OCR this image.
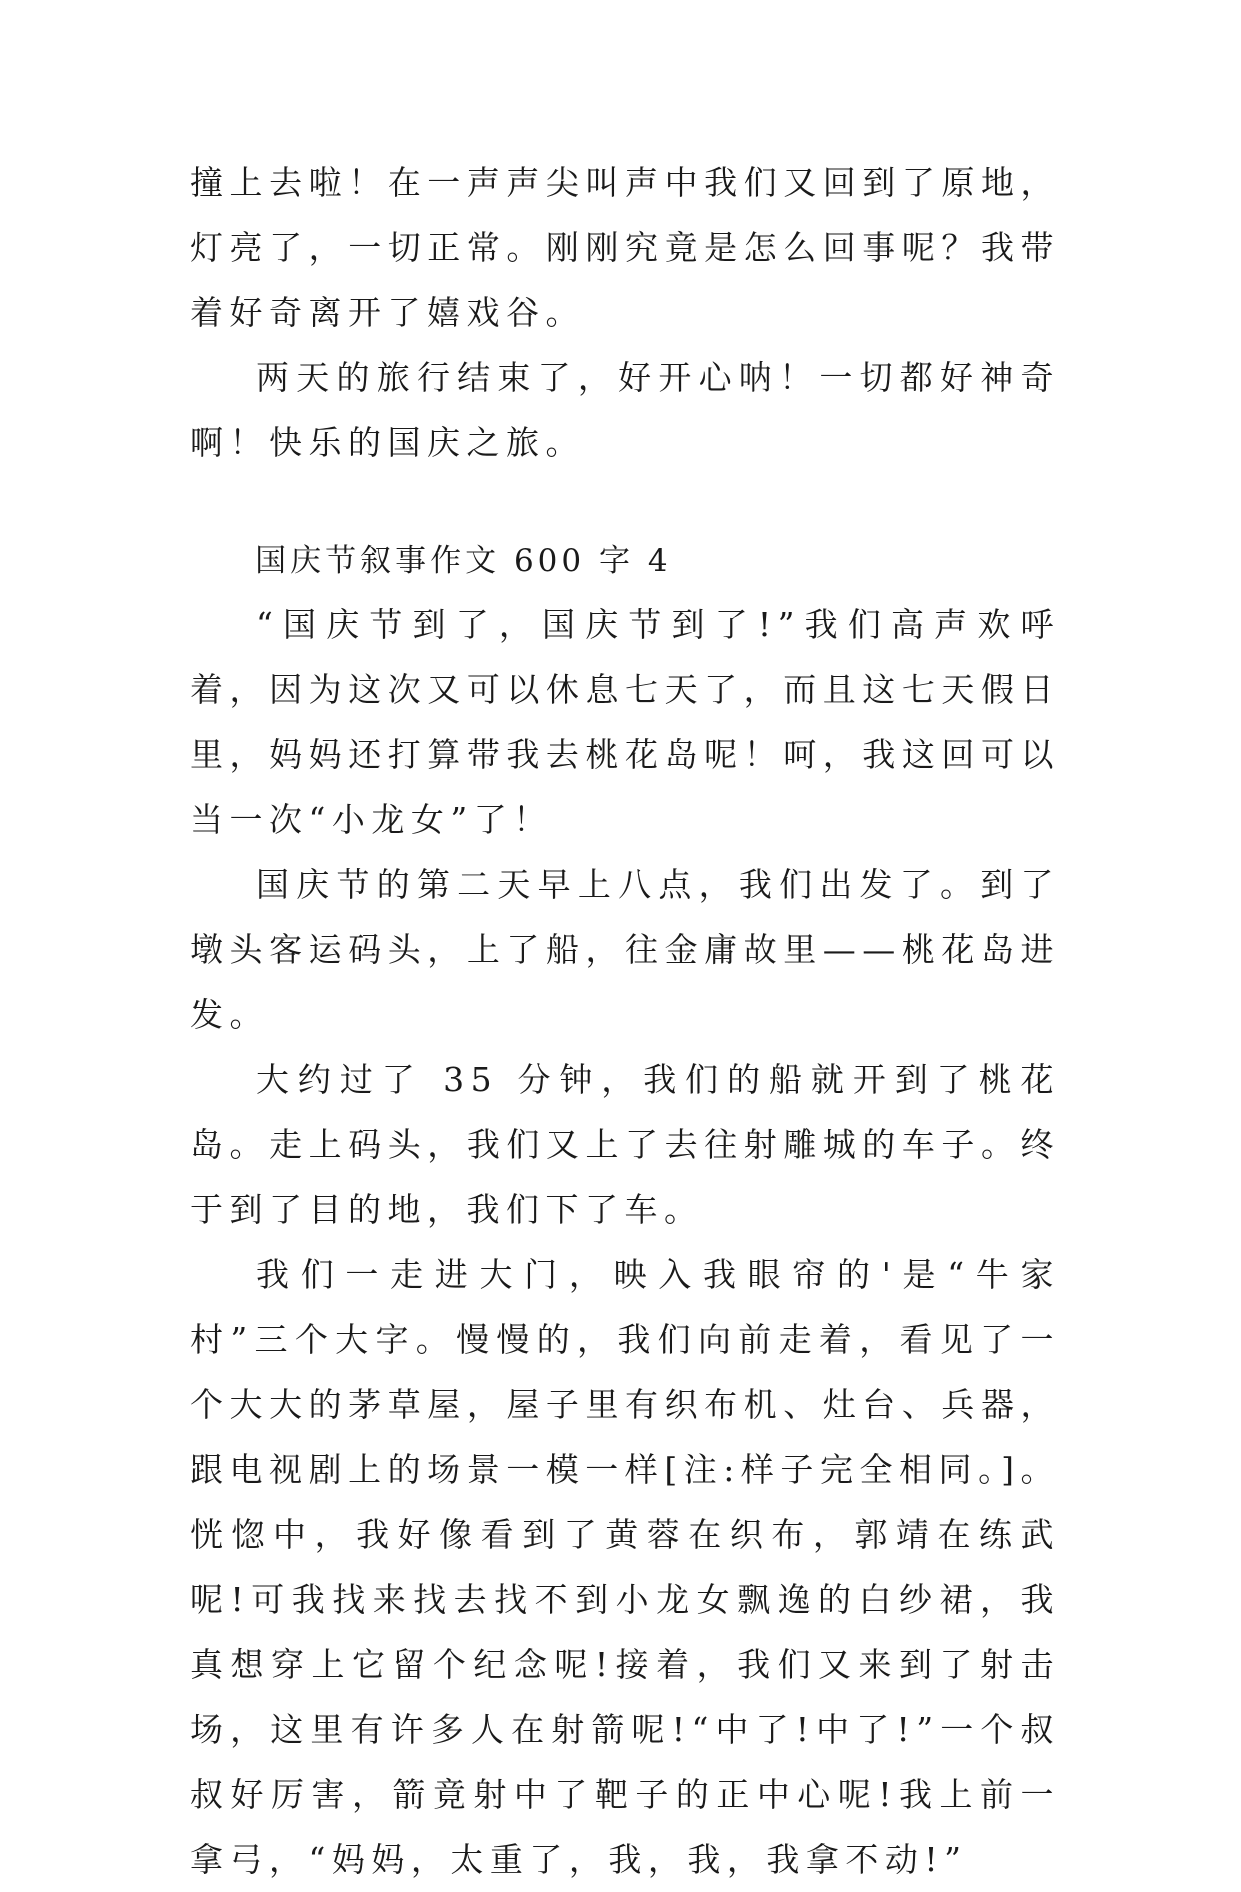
撞上去啦！在一声声尖叫声中我们又回到了原地，灯亮了，一切正常。刚刚究竟是怎么回事呢？我带着好奇离开了嬉戏谷。

两天的旅行结束了，好开心呐！一切都好神奇啊！快乐的国庆之旅。

国庆节叙事作文 600 字 4

“国庆节到了，国庆节到了!”我们高声欢呼着，因为这次又可以休息七天了，而且这七天假日里，妈妈还打算带我去桃花岛呢！呵，我这回可以当一次“小龙女”了！

国庆节的第二天早上八点，我们出发了。到了墩头客运码头，上了船，往金庸故里——桃花岛进发。

大约过了 35 分钟，我们的船就开到了桃花岛。走上码头，我们又上了去往射雕城的车子。终于到了目的地，我们下了车。

我们一走进大门，映入我眼帘的'是“牛家村”三个大字。慢慢的，我们向前走着，看见了一个大大的茅草屋，屋子里有织布机、灶台、兵器，跟电视剧上的场景一模一样[注:样子完全相同。]。恍惚中，我好像看到了黄蓉在织布，郭靖在练武呢!可我找来找去找不到小龙女飘逸的白纱裙，我真想穿上它留个纪念呢!接着，我们又来到了射击场，这里有许多人在射箭呢!“中了!中了!”一个叔叔好厉害，箭竟射中了靶子的正中心呢!我上前一拿弓，“妈妈，太重了，我，我，我拿不动!”
